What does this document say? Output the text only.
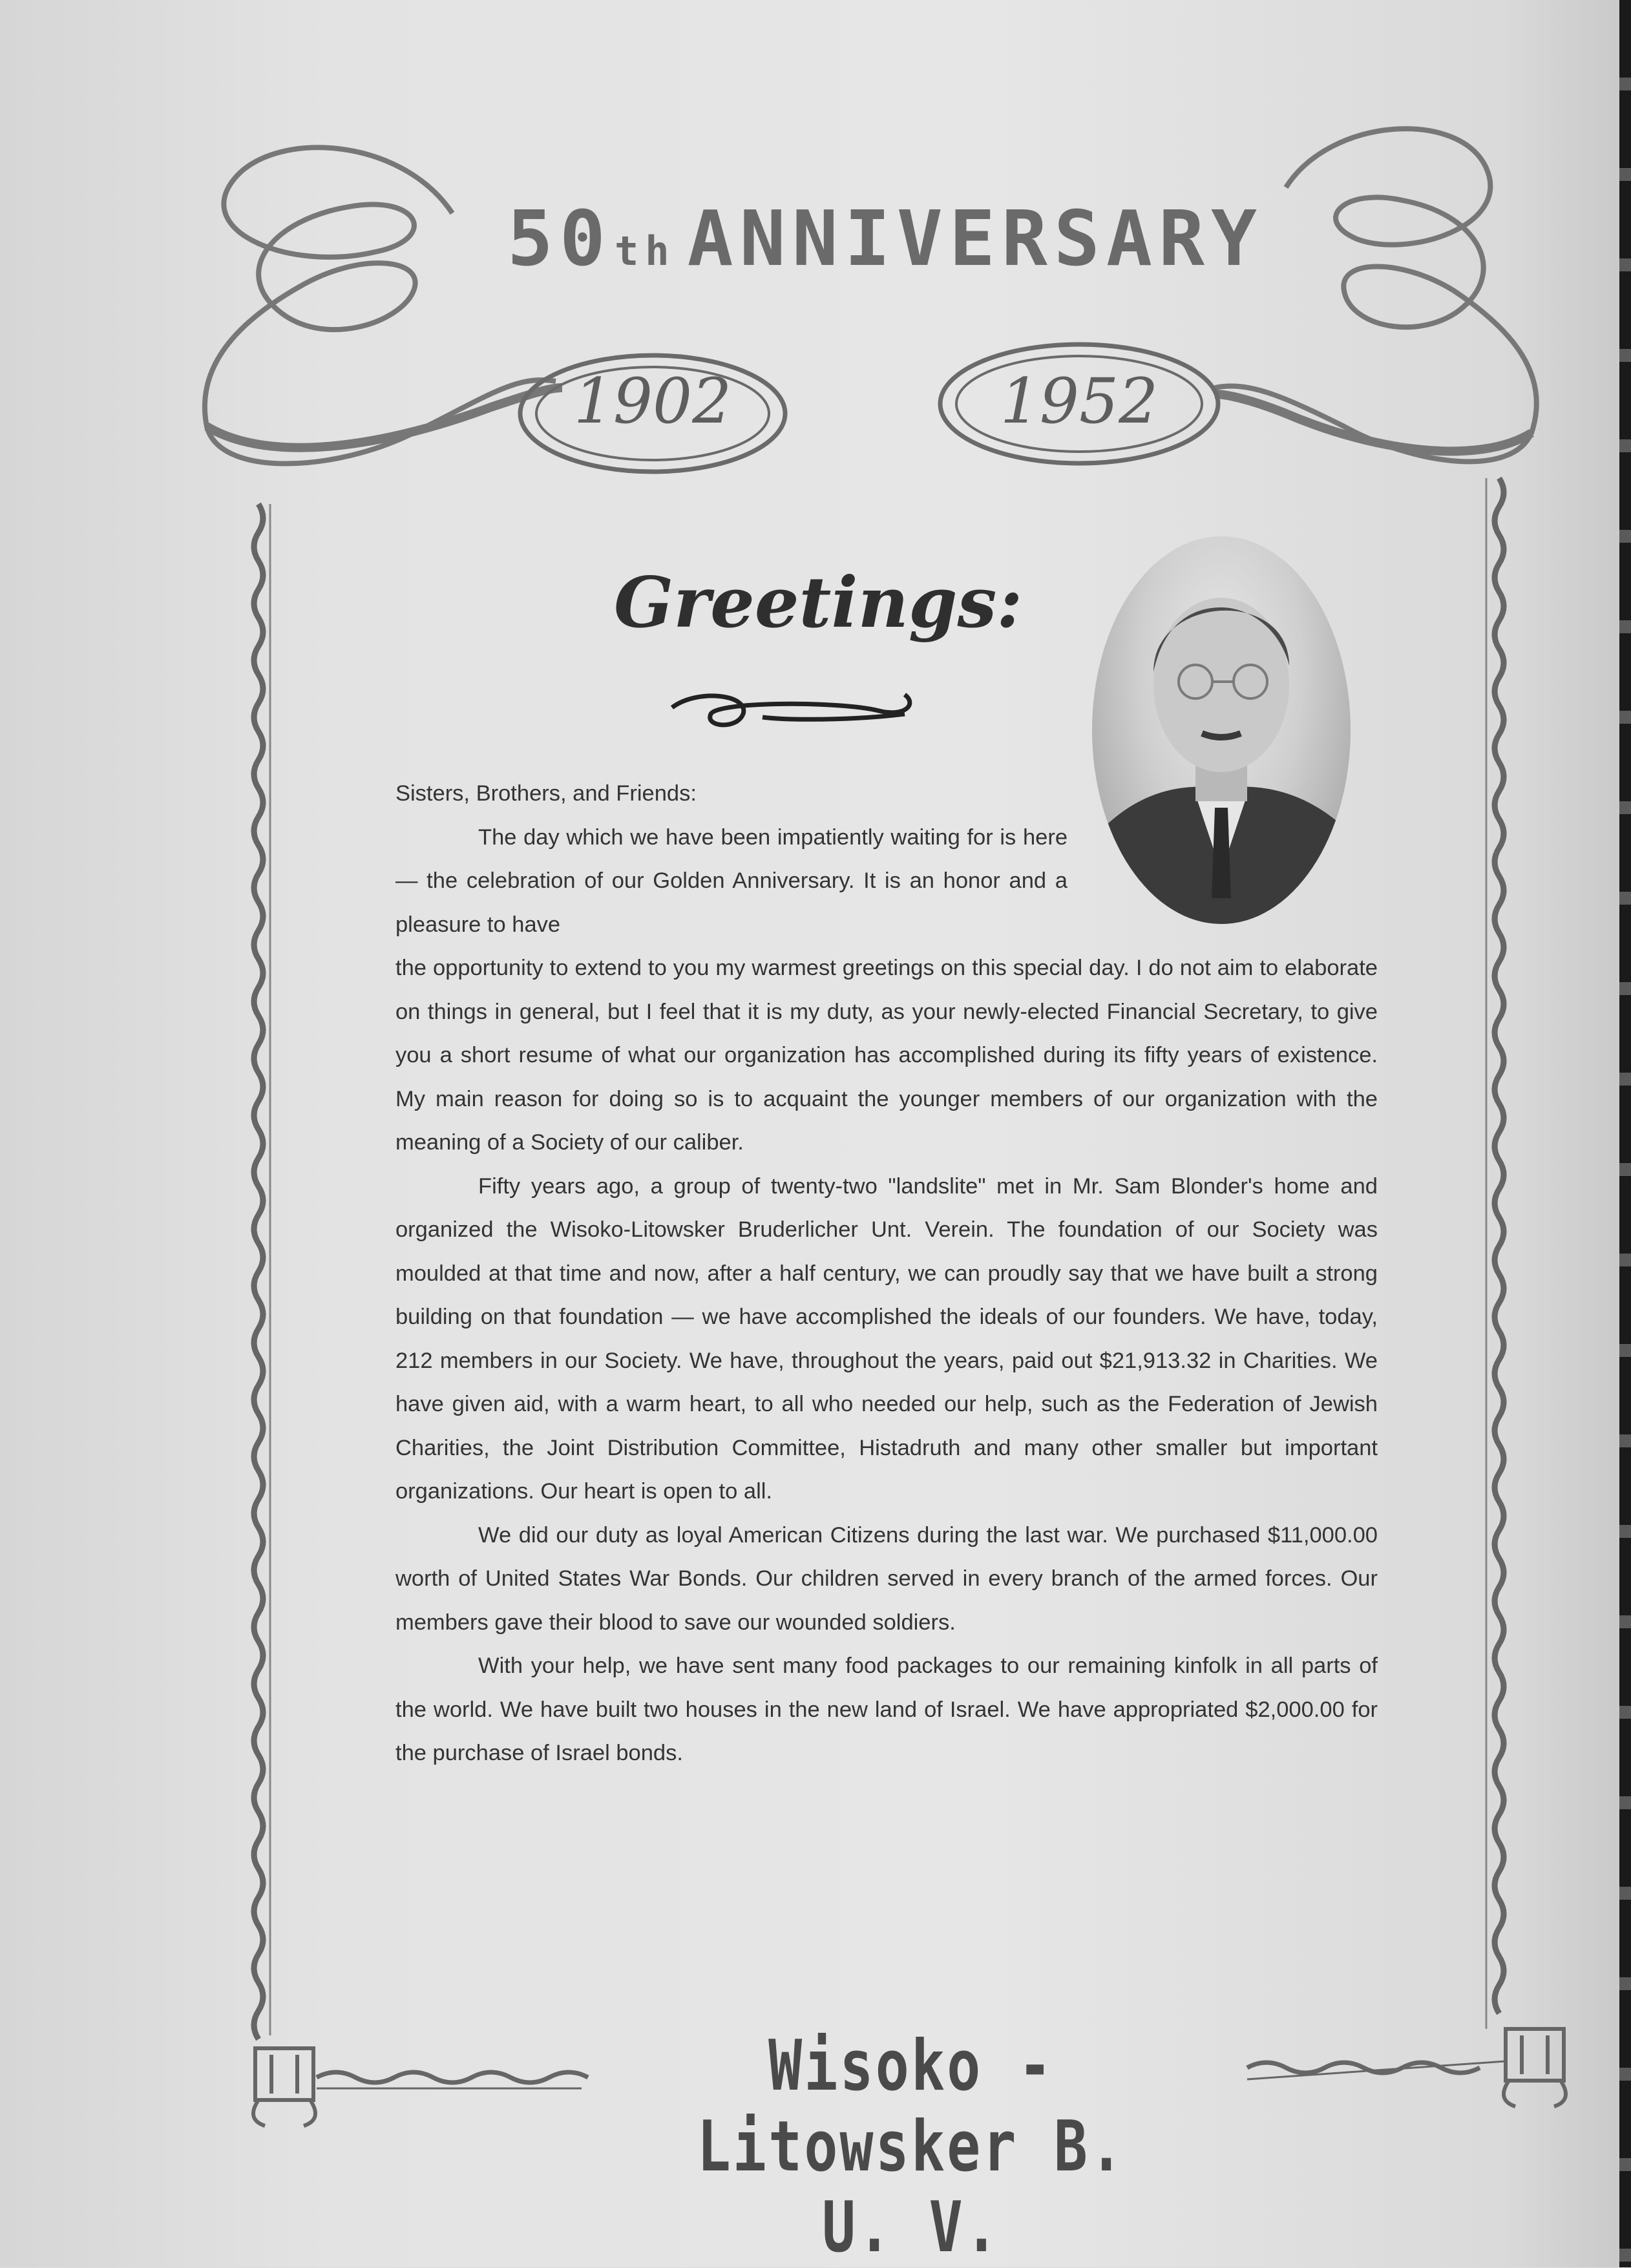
50 th ANNIVERSARY
1902	1952
Greetings:

Sisters, Brothers, and Friends:

The day which we have been impatiently waiting for is here — the celebration of our Golden Anniversary. It is an honor and a pleasure to have

the opportunity to extend to you my warmest greetings on this special day. I do not aim to elaborate on things in general, but I feel that it is my duty, as your newly-elected Financial Secretary, to give you a short resume of what our organization has accomplished during its fifty years of existence. My main reason for doing so is to acquaint the younger members of our organization with the meaning of a Society of our caliber.

Fifty years ago, a group of twenty-two "landslite" met in Mr. Sam Blonder's home and organized the Wisoko-Litowsker Bruderlicher Unt. Verein. The foundation of our Society was moulded at that time and now, after a half century, we can proudly say that we have built a strong building on that foundation — we have accomplished the ideals of our founders. We have, today, 212 members in our Society. We have, throughout the years, paid out $21,913.32 in Charities. We have given aid, with a warm heart, to all who needed our help, such as the Federation of Jewish Charities, the Joint Distribution Committee, Histadruth and many other smaller but important organizations. Our heart is open to all.

We did our duty as loyal American Citizens during the last war. We purchased $11,000.00 worth of United States War Bonds. Our children served in every branch of the armed forces. Our members gave their blood to save our wounded soldiers.

With your help, we have sent many food packages to our remaining kinfolk in all parts of the world. We have built two houses in the new land of Israel. We have appropriated $2,000.00 for the purchase of Israel bonds.

Wisoko - Litowsker B. U. V.
